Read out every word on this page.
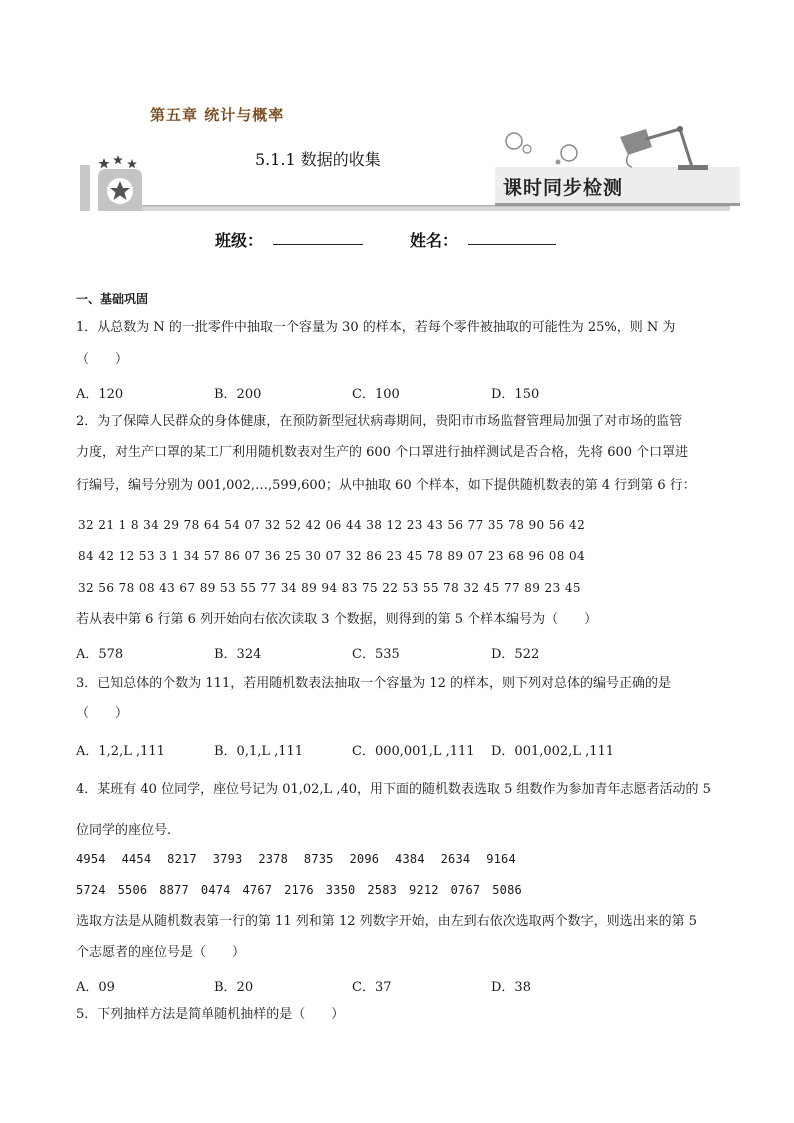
第五章 统计与概率
5.1.1 数据的收集
课时同步检测
班级：	姓名：
一、基础巩固
1．从总数为 N 的一批零件中抽取一个容量为 30 的样本，若每个零件被抽取的可能性为 25%，则 N 为
（　　）
A．120	B．200	C．100	D．150
2．为了保障人民群众的身体健康，在预防新型冠状病毒期间，贵阳市市场监督管理局加强了对市场的监管
力度，对生产口罩的某工厂利用随机数表对生产的 600 个口罩进行抽样测试是否合格，先将 600 个口罩进
行编号，编号分别为 001,002,…,599,600；从中抽取 60 个样本，如下提供随机数表的第 4 行到第 6 行：
32 21 1 8 34 29 78 64 54 07 32 52 42 06 44 38 12 23 43 56 77 35 78 90 56 42
84 42 12 53 3 1 34 57 86 07 36 25 30 07 32 86 23 45 78 89 07 23 68 96 08 04
32 56 78 08 43 67 89 53 55 77 34 89 94 83 75 22 53 55 78 32 45 77 89 23 45
若从表中第 6 行第 6 列开始向右依次读取 3 个数据，则得到的第 5 个样本编号为（　　）
A．578	B．324	C．535	D．522
3．已知总体的个数为 111，若用随机数表法抽取一个容量为 12 的样本，则下列对总体的编号正确的是
（　　）
A．1,2,L ,111	B．0,1,L ,111	C．000,001,L ,111 D．001,002,L ,111
4．某班有 40 位同学，座位号记为 01,02,L ,40，用下面的随机数表选取 5 组数作为参加青年志愿者活动的 5
位同学的座位号.
4954 4454 8217 3793 2378 8735 2096 4384 2634 9164
5724 5506 8877 0474 4767 2176 3350 2583 9212 0767 5086
选取方法是从随机数表第一行的第 11 列和第 12 列数字开始，由左到右依次选取两个数字，则选出来的第 5
个志愿者的座位号是（　　）
A．09	B．20	C．37	D．38
5．下列抽样方法是简单随机抽样的是（　　）
